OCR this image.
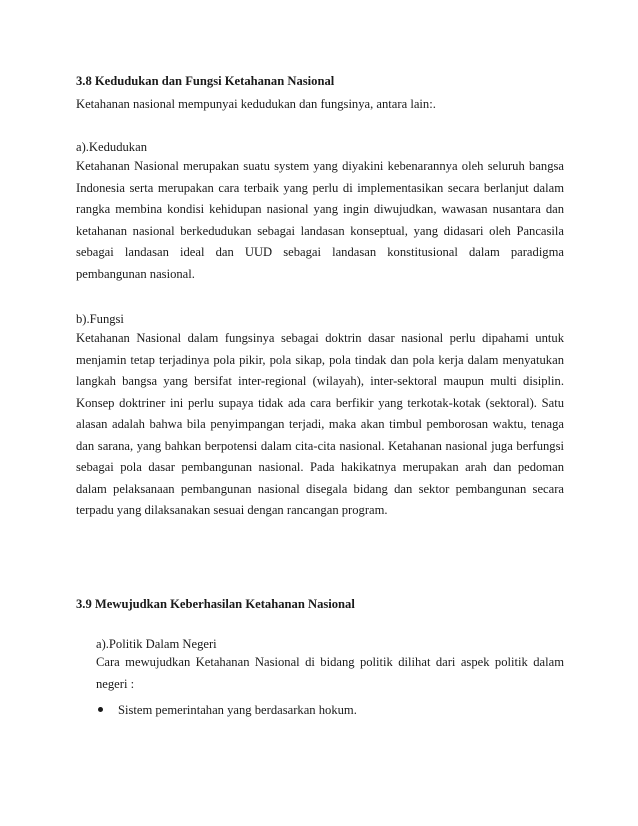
3.8 Kedudukan dan Fungsi Ketahanan Nasional
Ketahanan nasional mempunyai kedudukan dan fungsinya, antara lain:.
a).Kedudukan

Ketahanan Nasional merupakan suatu system yang diyakini kebenarannya oleh seluruh bangsa Indonesia serta merupakan cara terbaik yang perlu di implementasikan secara berlanjut dalam rangka membina kondisi kehidupan nasional yang ingin diwujudkan, wawasan nusantara dan ketahanan nasional berkedudukan sebagai landasan konseptual, yang didasari oleh Pancasila sebagai landasan ideal dan UUD sebagai landasan konstitusional dalam paradigma pembangunan nasional.

b).Fungsi

Ketahanan Nasional dalam fungsinya sebagai doktrin dasar nasional perlu dipahami untuk menjamin tetap terjadinya pola pikir, pola sikap, pola tindak dan pola kerja dalam menyatukan langkah bangsa yang bersifat inter-regional (wilayah), inter-sektoral maupun multi disiplin. Konsep doktriner ini perlu supaya tidak ada cara berfikir yang terkotak-kotak (sektoral). Satu alasan adalah bahwa bila penyimpangan terjadi, maka akan timbul pemborosan waktu, tenaga dan sarana, yang bahkan berpotensi dalam cita-cita nasional. Ketahanan nasional juga berfungsi sebagai pola dasar pembangunan nasional. Pada hakikatnya merupakan arah dan pedoman dalam pelaksanaan pembangunan nasional disegala bidang dan sektor pembangunan secara terpadu yang dilaksanakan sesuai dengan rancangan program.

3.9 Mewujudkan Keberhasilan Ketahanan Nasional
a).Politik Dalam Negeri

Cara mewujudkan Ketahanan Nasional di bidang politik dilihat dari aspek politik dalam negeri :

Sistem pemerintahan yang berdasarkan hokum.
